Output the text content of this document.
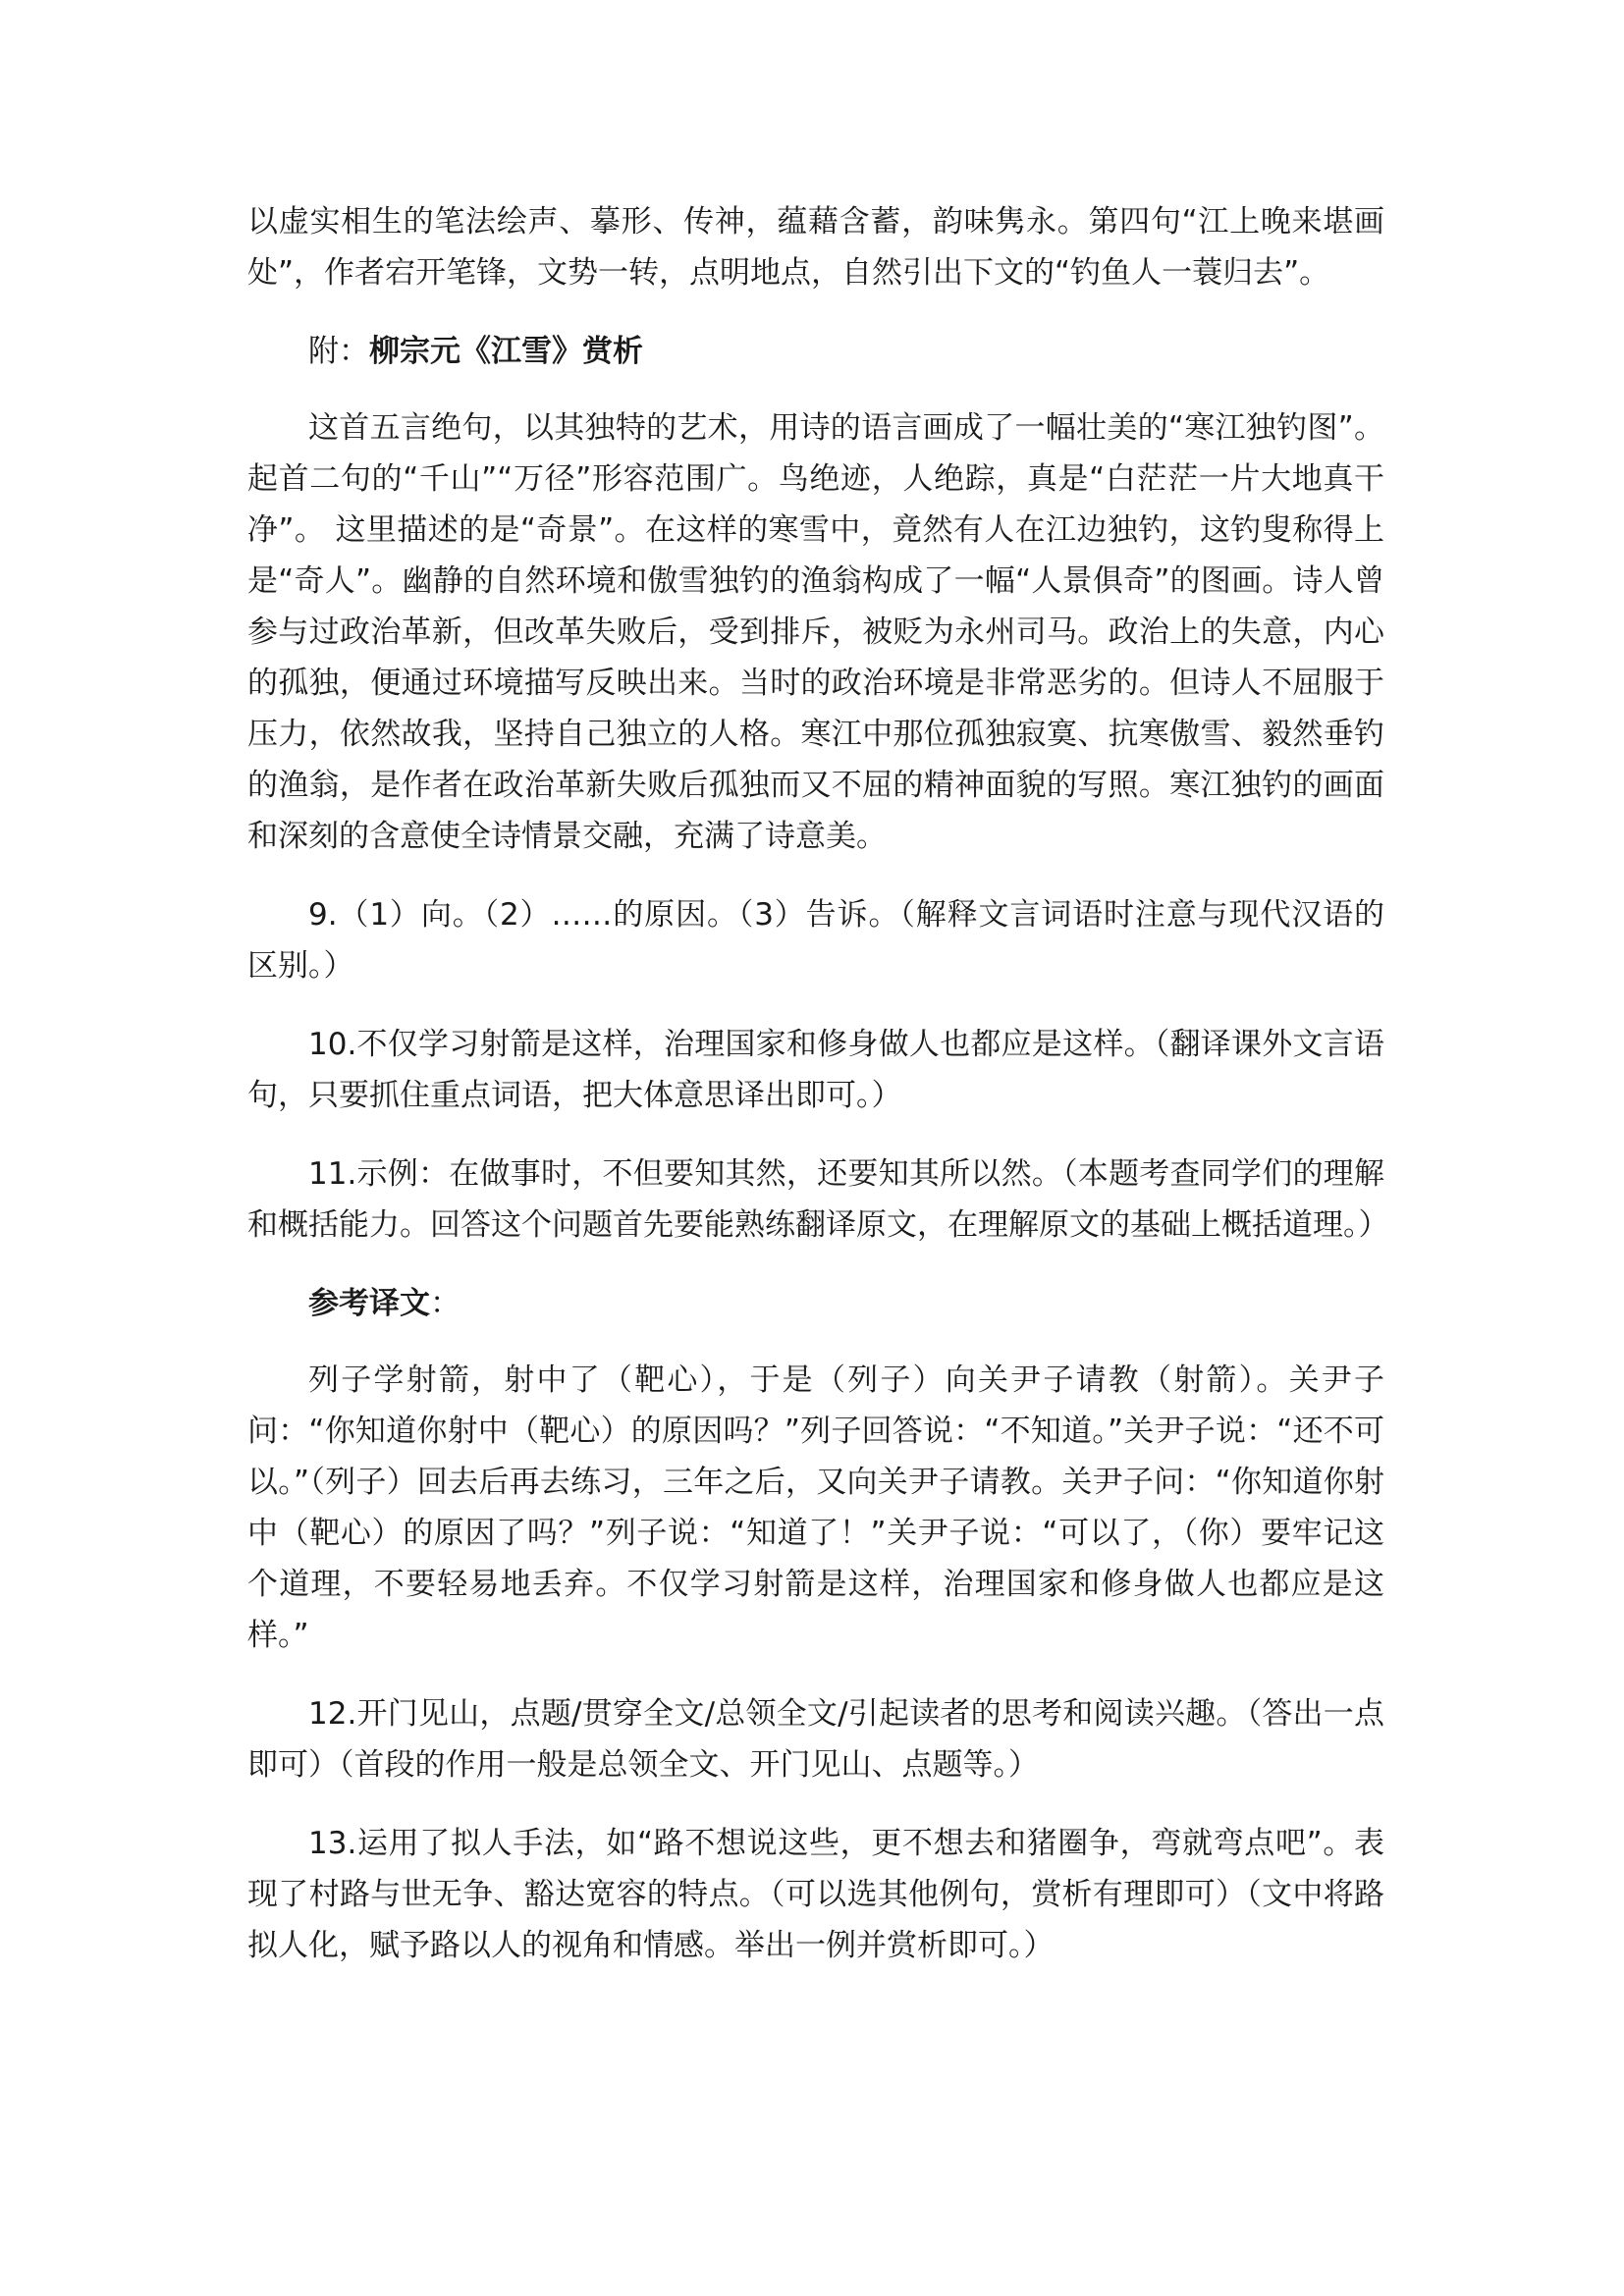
以虚实相生的笔法绘声、摹形、传神，蕴藉含蓄，韵味隽永。第四句“江上晚来堪画处”，作者宕开笔锋，文势一转，点明地点，自然引出下文的“钓鱼人一蓑归去”。

附：柳宗元《江雪》赏析

这首五言绝句，以其独特的艺术，用诗的语言画成了一幅壮美的“寒江独钓图”。起首二句的“千山”“万径”形容范围广。鸟绝迹，人绝踪，真是“白茫茫一片大地真干净”。 这里描述的是“奇景”。在这样的寒雪中，竟然有人在江边独钓，这钓叟称得上是“奇人”。幽静的自然环境和傲雪独钓的渔翁构成了一幅“人景俱奇”的图画。诗人曾参与过政治革新，但改革失败后，受到排斥，被贬为永州司马。政治上的失意，内心的孤独，便通过环境描写反映出来。当时的政治环境是非常恶劣的。但诗人不屈服于压力，依然故我，坚持自己独立的人格。寒江中那位孤独寂寞、抗寒傲雪、毅然垂钓的渔翁，是作者在政治革新失败后孤独而又不屈的精神面貌的写照。寒江独钓的画面和深刻的含意使全诗情景交融，充满了诗意美。

9.（1）向。（2）……的原因。（3）告诉。（解释文言词语时注意与现代汉语的区别。）

10.不仅学习射箭是这样，治理国家和修身做人也都应是这样。（翻译课外文言语句，只要抓住重点词语，把大体意思译出即可。）

11.示例：在做事时，不但要知其然，还要知其所以然。（本题考查同学们的理解和概括能力。回答这个问题首先要能熟练翻译原文，在理解原文的基础上概括道理。）

参考译文：

列子学射箭，射中了（靶心），于是（列子）向关尹子请教（射箭）。关尹子问：“你知道你射中（靶心）的原因吗？”列子回答说：“不知道。”关尹子说：“还不可以。”（列子）回去后再去练习，三年之后，又向关尹子请教。关尹子问：“你知道你射中（靶心）的原因了吗？”列子说：“知道了！”关尹子说：“可以了，（你）要牢记这个道理，不要轻易地丢弃。不仅学习射箭是这样，治理国家和修身做人也都应是这样。”

12.开门见山，点题/贯穿全文/总领全文/引起读者的思考和阅读兴趣。（答出一点即可）（首段的作用一般是总领全文、开门见山、点题等。）

13.运用了拟人手法，如“路不想说这些，更不想去和猪圈争，弯就弯点吧”。表现了村路与世无争、豁达宽容的特点。（可以选其他例句，赏析有理即可）（文中将路拟人化，赋予路以人的视角和情感。举出一例并赏析即可。）
